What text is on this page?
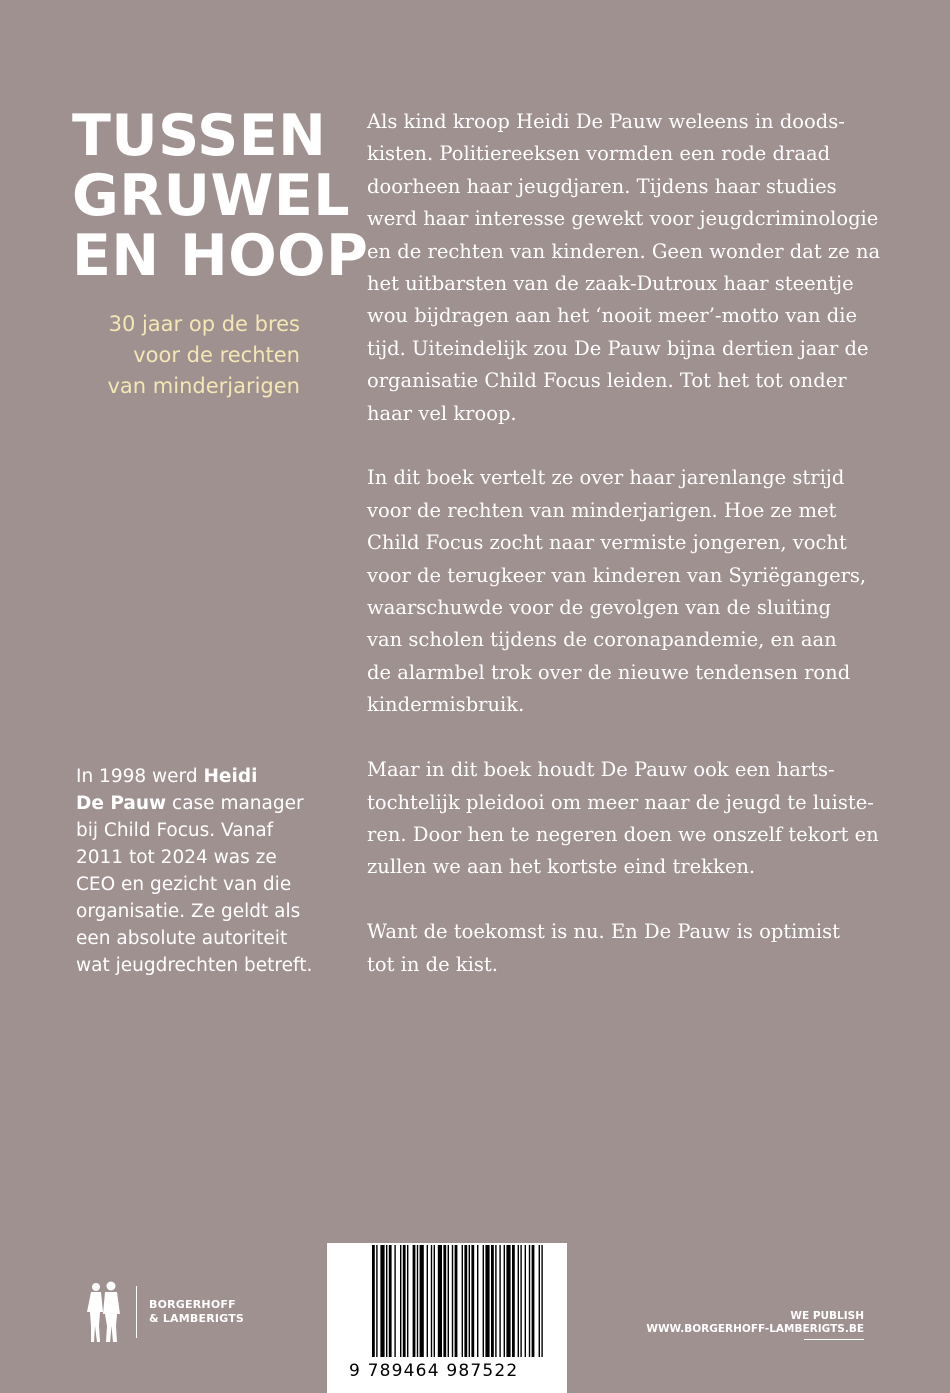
TUSSEN
GRUWEL
EN HOOP
30 jaar op de bres
voor de rechten
van minderjarigen

Als kind kroop Heidi De Pauw weleens in doods-
kisten. Politiereeksen vormden een rode draad
doorheen haar jeugdjaren. Tijdens haar studies
werd haar interesse gewekt voor jeugdcriminologie
en de rechten van kinderen. Geen wonder dat ze na
het uitbarsten van de zaak-Dutroux haar steentje
wou bijdragen aan het ‘nooit meer’-motto van die
tijd. Uiteindelijk zou De Pauw bijna dertien jaar de
organisatie Child Focus leiden. Tot het tot onder
haar vel kroop.

In dit boek vertelt ze over haar jarenlange strijd
voor de rechten van minderjarigen. Hoe ze met
Child Focus zocht naar vermiste jongeren, vocht
voor de terugkeer van kinderen van Syriëgangers,
waarschuwde voor de gevolgen van de sluiting
van scholen tijdens de coronapandemie, en aan
de alarmbel trok over de nieuwe tendensen rond
kindermisbruik.

Maar in dit boek houdt De Pauw ook een harts-
tochtelijk pleidooi om meer naar de jeugd te luiste-
ren. Door hen te negeren doen we onszelf tekort en
zullen we aan het kortste eind trekken.

Want de toekomst is nu. En De Pauw is optimist
tot in de kist.

In 1998 werd Heidi
De Pauw case manager
bij Child Focus. Vanaf
2011 tot 2024 was ze
CEO en gezicht van die
organisatie. Ze geldt als
een absolute autoriteit
wat jeugdrechten betreft.
BORGERHOFF
& LAMBERIGTS
9 789464 987522
WE PUBLISH
WWW.BORGERHOFF-LAMBERIGTS.BE
